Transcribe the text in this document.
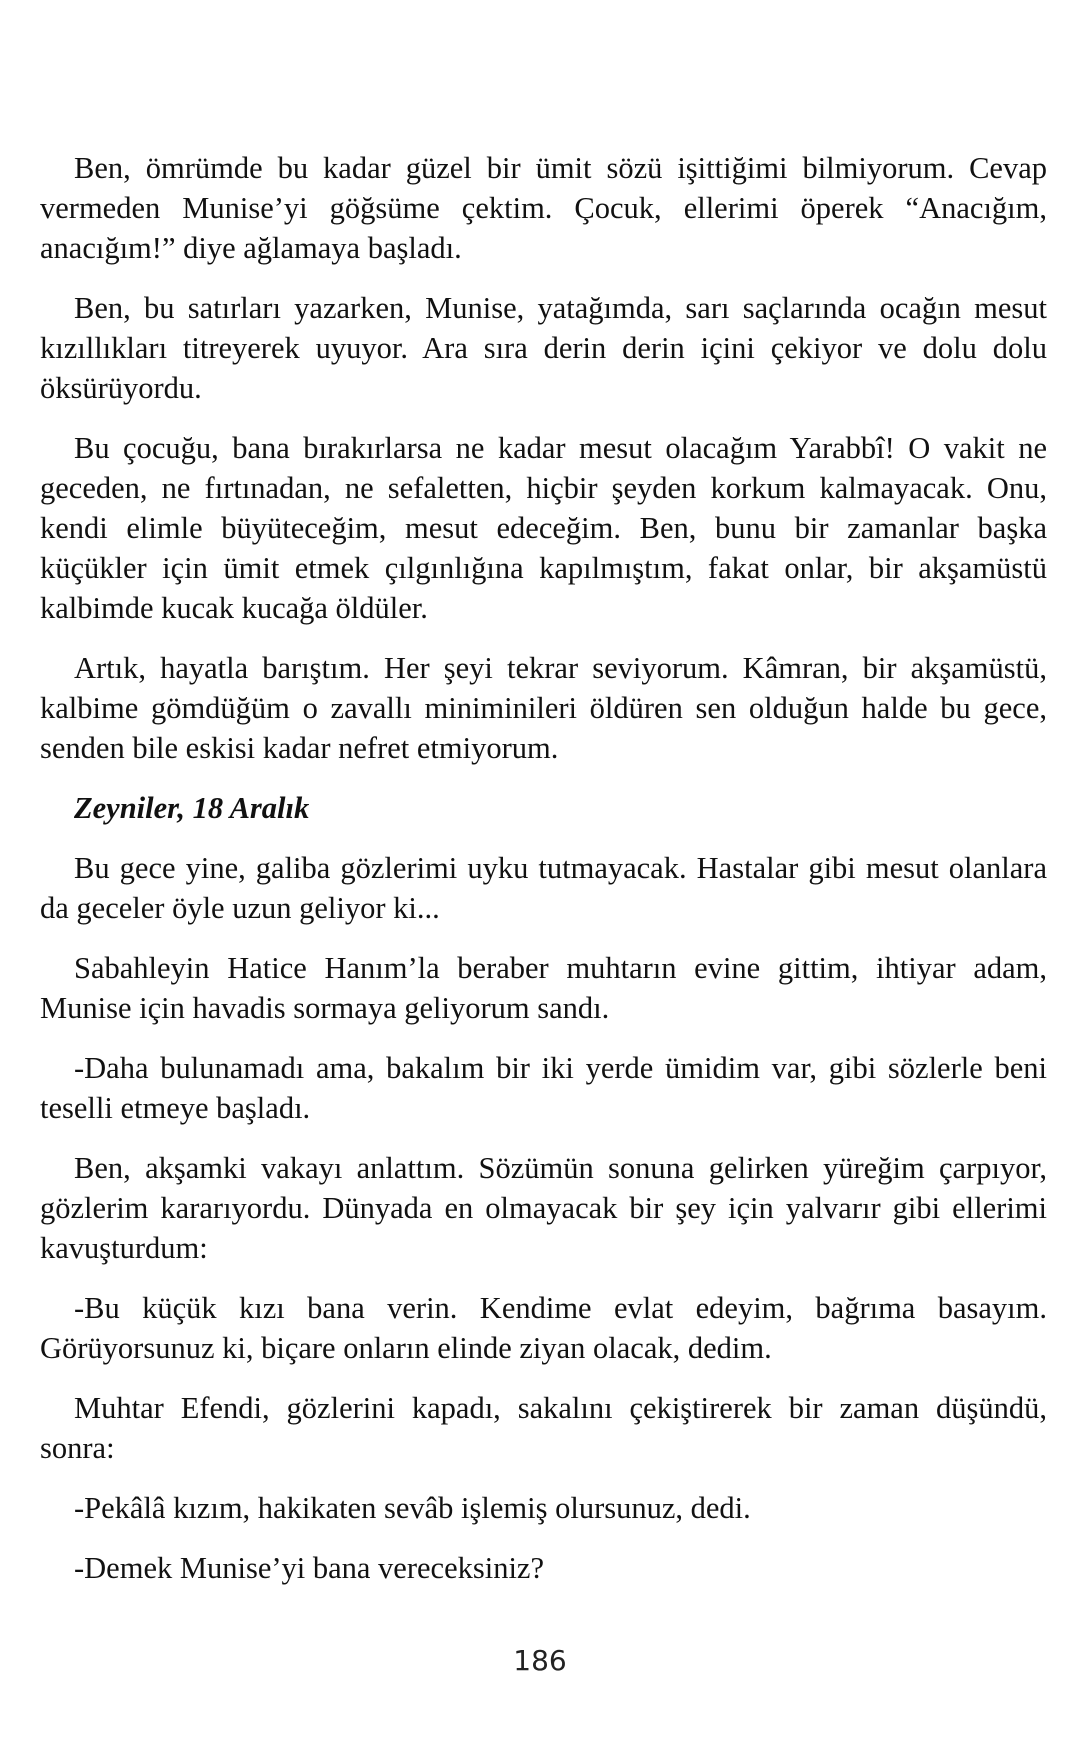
Ben, ömrümde bu kadar güzel bir ümit sözü işittiğimi bilmiyorum. Cevap vermeden Munise’yi göğsüme çektim. Çocuk, ellerimi öperek “Anacığım, anacığım!” diye ağlamaya başladı.

Ben, bu satırları yazarken, Munise, yatağımda, sarı saçlarında ocağın mesut kızıllıkları titreyerek uyuyor. Ara sıra derin derin içini çekiyor ve dolu dolu öksürüyordu.

Bu çocuğu, bana bırakırlarsa ne kadar mesut olacağım Yarabbî! O vakit ne geceden, ne fırtınadan, ne sefaletten, hiçbir şeyden korkum kalmayacak. Onu, kendi elimle büyüteceğim, mesut edeceğim. Ben, bunu bir zamanlar başka küçükler için ümit etmek çılgınlığına kapılmıştım, fakat onlar, bir akşamüstü kalbimde kucak kucağa öldüler.

Artık, hayatla barıştım. Her şeyi tekrar seviyorum. Kâmran, bir akşamüstü, kalbime gömdüğüm o zavallı miniminileri öldüren sen olduğun halde bu gece, senden bile eskisi kadar nefret etmiyorum.

Zeyniler, 18 Aralık

Bu gece yine, galiba gözlerimi uyku tutmayacak. Hastalar gibi mesut olanlara da geceler öyle uzun geliyor ki...

Sabahleyin Hatice Hanım’la beraber muhtarın evine gittim, ihtiyar adam, Munise için havadis sormaya geliyorum sandı.

-Daha bulunamadı ama, bakalım bir iki yerde ümidim var, gibi sözlerle beni teselli etmeye başladı.

Ben, akşamki vakayı anlattım. Sözümün sonuna gelirken yüreğim çarpıyor, gözlerim kararıyordu. Dünyada en olmayacak bir şey için yalvarır gibi ellerimi kavuşturdum:

-Bu küçük kızı bana verin. Kendime evlat edeyim, bağrıma basayım. Görüyorsunuz ki, biçare onların elinde ziyan olacak, dedim.

Muhtar Efendi, gözlerini kapadı, sakalını çekiştirerek bir zaman düşündü, sonra:

-Pekâlâ kızım, hakikaten sevâb işlemiş olursunuz, dedi.

-Demek Munise’yi bana vereceksiniz?

186
